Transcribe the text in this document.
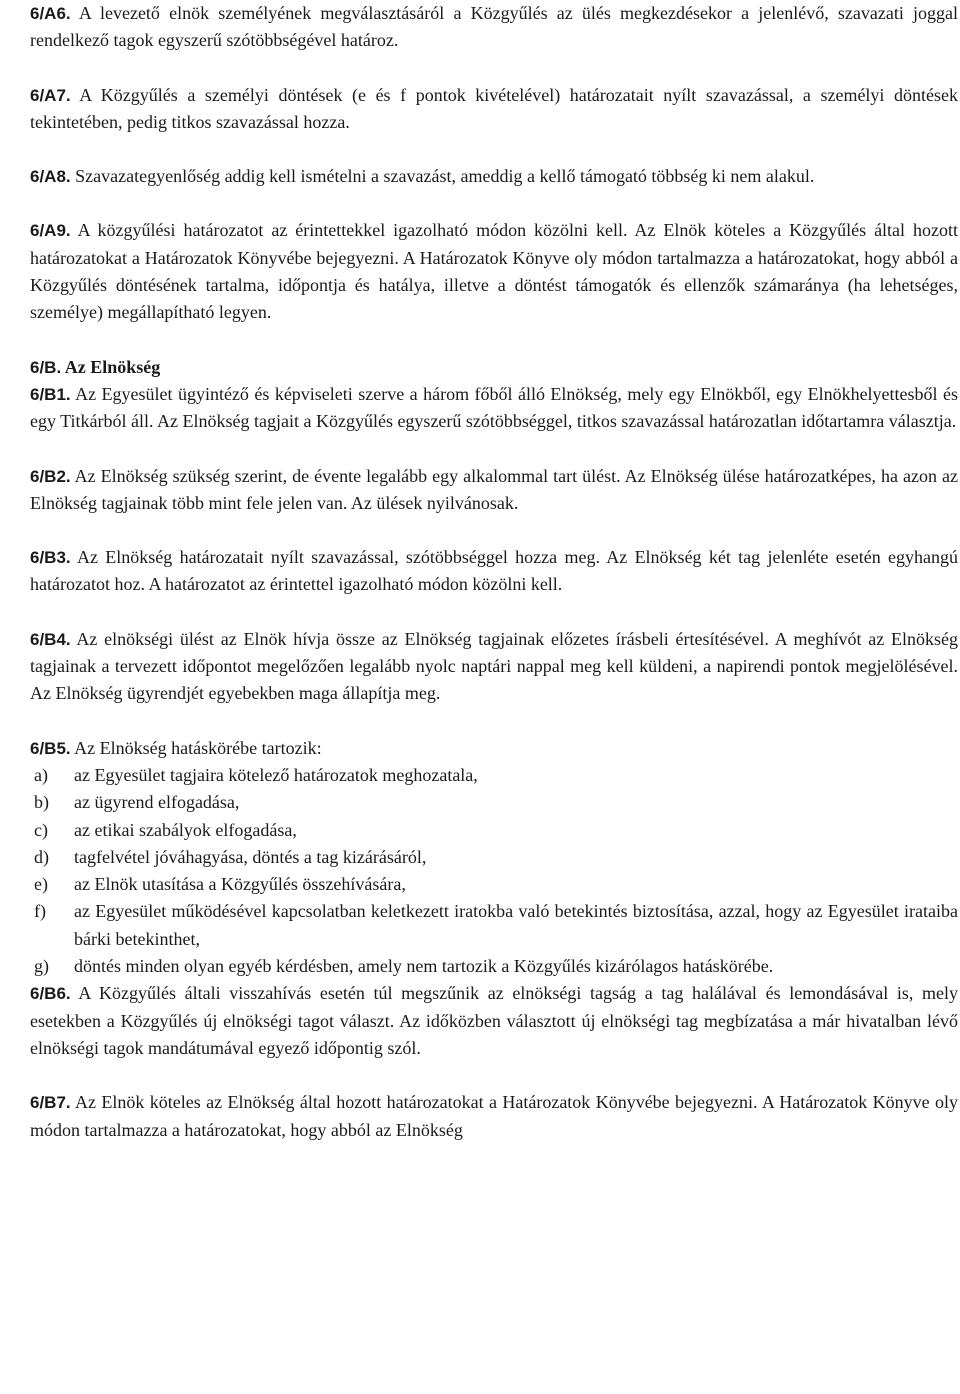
6/A6. A levezető elnök személyének megválasztásáról a Közgyűlés az ülés megkezdésekor a jelenlévő, szavazati joggal rendelkező tagok egyszerű szótöbbségével határoz.

6/A7. A Közgyűlés a személyi döntések (e és f pontok kivételével) határozatait nyílt szavazással, a személyi döntések tekintetében, pedig titkos szavazással hozza.

6/A8. Szavazategyenlőség addig kell ismételni a szavazást, ameddig a kellő támogató többség ki nem alakul.

6/A9. A közgyűlési határozatot az érintettekkel igazolható módon közölni kell. Az Elnök köteles a Közgyűlés által hozott határozatokat a Határozatok Könyvébe bejegyezni. A Határozatok Könyve oly módon tartalmazza a határozatokat, hogy abból a Közgyűlés döntésének tartalma, időpontja és hatálya, illetve a döntést támogatók és ellenzők számaránya (ha lehetséges, személye) megállapítható legyen.

6/B. Az Elnökség

6/B1. Az Egyesület ügyintéző és képviseleti szerve a három főből álló Elnökség, mely egy Elnökből, egy Elnökhelyettesből és egy Titkárból áll. Az Elnökség tagjait a Közgyűlés egyszerű szótöbbséggel, titkos szavazással határozatlan időtartamra választja.

6/B2. Az Elnökség szükség szerint, de évente legalább egy alkalommal tart ülést. Az Elnökség ülése határozatképes, ha azon az Elnökség tagjainak több mint fele jelen van. Az ülések nyilvánosak.

6/B3. Az Elnökség határozatait nyílt szavazással, szótöbbséggel hozza meg. Az Elnökség két tag jelenléte esetén egyhangú határozatot hoz. A határozatot az érintettel igazolható módon közölni kell.

6/B4. Az elnökségi ülést az Elnök hívja össze az Elnökség tagjainak előzetes írásbeli értesítésével. A meghívót az Elnökség tagjainak a tervezett időpontot megelőzően legalább nyolc naptári nappal meg kell küldeni, a napirendi pontok megjelölésével. Az Elnökség ügyrendjét egyebekben maga állapítja meg.

6/B5. Az Elnökség hatáskörébe tartozik:

a)	az Egyesület tagjaira kötelező határozatok meghozatala,
b)	az ügyrend elfogadása,
c)	az etikai szabályok elfogadása,
d)	tagfelvétel jóváhagyása, döntés a tag kizárásáról,
e)	az Elnök utasítása a Közgyűlés összehívására,
f)	az Egyesület működésével kapcsolatban keletkezett iratokba való betekintés biztosítása, azzal, hogy az Egyesület irataiba bárki betekinthet,
g)	döntés minden olyan egyéb kérdésben, amely nem tartozik a Közgyűlés kizárólagos hatáskörébe.

6/B6. A Közgyűlés általi visszahívás esetén túl megszűnik az elnökségi tagság a tag halálával és lemondásával is, mely esetekben a Közgyűlés új elnökségi tagot választ. Az időközben választott új elnökségi tag megbízatása a már hivatalban lévő elnökségi tagok mandátumával egyező időpontig szól.

6/B7. Az Elnök köteles az Elnökség által hozott határozatokat a Határozatok Könyvébe bejegyezni. A Határozatok Könyve oly módon tartalmazza a határozatokat, hogy abból az Elnökség
